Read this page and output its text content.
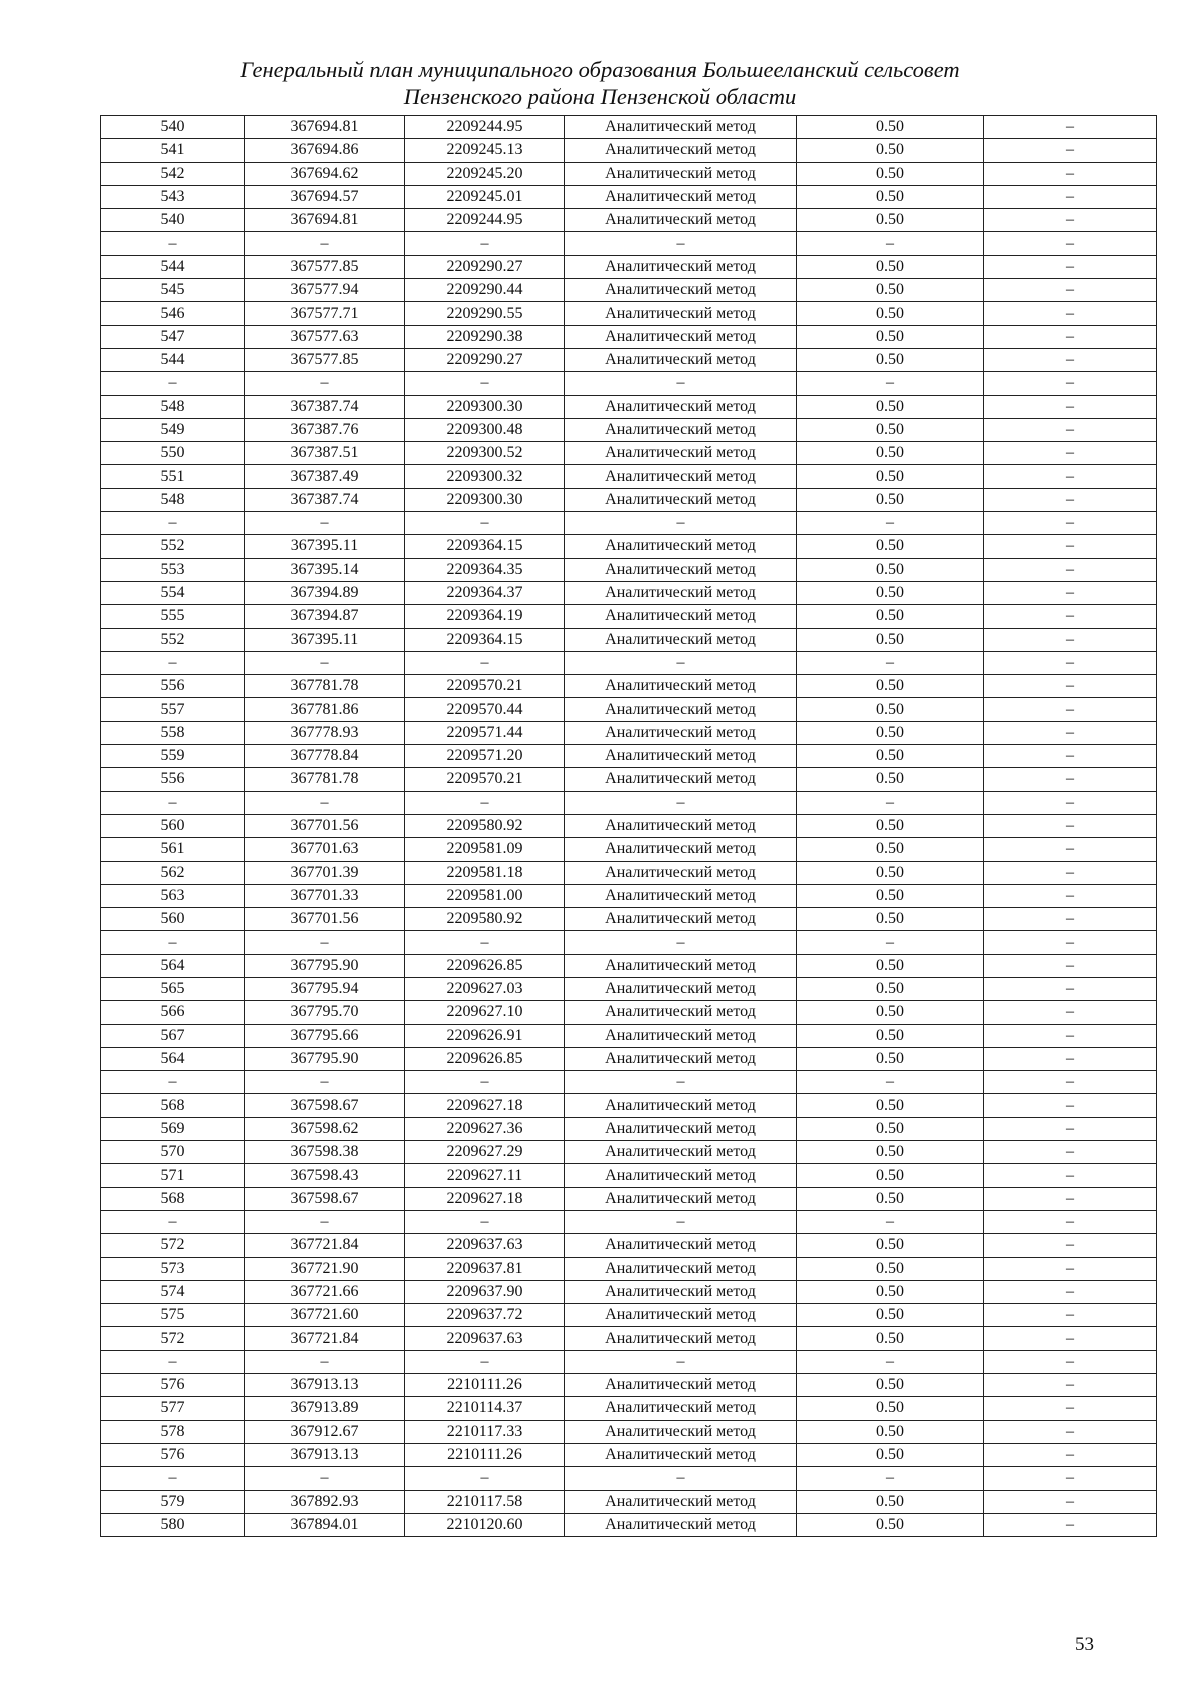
Генеральный план муниципального образования Большееланский сельсовет
Пензенского района Пензенской области
540	367694.81	2209244.95	Аналитический метод	0.50	–
541	367694.86	2209245.13	Аналитический метод	0.50	–
542	367694.62	2209245.20	Аналитический метод	0.50	–
543	367694.57	2209245.01	Аналитический метод	0.50	–
540	367694.81	2209244.95	Аналитический метод	0.50	–
–	–	–	–	–	–
544	367577.85	2209290.27	Аналитический метод	0.50	–
545	367577.94	2209290.44	Аналитический метод	0.50	–
546	367577.71	2209290.55	Аналитический метод	0.50	–
547	367577.63	2209290.38	Аналитический метод	0.50	–
544	367577.85	2209290.27	Аналитический метод	0.50	–
–	–	–	–	–	–
548	367387.74	2209300.30	Аналитический метод	0.50	–
549	367387.76	2209300.48	Аналитический метод	0.50	–
550	367387.51	2209300.52	Аналитический метод	0.50	–
551	367387.49	2209300.32	Аналитический метод	0.50	–
548	367387.74	2209300.30	Аналитический метод	0.50	–
–	–	–	–	–	–
552	367395.11	2209364.15	Аналитический метод	0.50	–
553	367395.14	2209364.35	Аналитический метод	0.50	–
554	367394.89	2209364.37	Аналитический метод	0.50	–
555	367394.87	2209364.19	Аналитический метод	0.50	–
552	367395.11	2209364.15	Аналитический метод	0.50	–
–	–	–	–	–	–
556	367781.78	2209570.21	Аналитический метод	0.50	–
557	367781.86	2209570.44	Аналитический метод	0.50	–
558	367778.93	2209571.44	Аналитический метод	0.50	–
559	367778.84	2209571.20	Аналитический метод	0.50	–
556	367781.78	2209570.21	Аналитический метод	0.50	–
–	–	–	–	–	–
560	367701.56	2209580.92	Аналитический метод	0.50	–
561	367701.63	2209581.09	Аналитический метод	0.50	–
562	367701.39	2209581.18	Аналитический метод	0.50	–
563	367701.33	2209581.00	Аналитический метод	0.50	–
560	367701.56	2209580.92	Аналитический метод	0.50	–
–	–	–	–	–	–
564	367795.90	2209626.85	Аналитический метод	0.50	–
565	367795.94	2209627.03	Аналитический метод	0.50	–
566	367795.70	2209627.10	Аналитический метод	0.50	–
567	367795.66	2209626.91	Аналитический метод	0.50	–
564	367795.90	2209626.85	Аналитический метод	0.50	–
–	–	–	–	–	–
568	367598.67	2209627.18	Аналитический метод	0.50	–
569	367598.62	2209627.36	Аналитический метод	0.50	–
570	367598.38	2209627.29	Аналитический метод	0.50	–
571	367598.43	2209627.11	Аналитический метод	0.50	–
568	367598.67	2209627.18	Аналитический метод	0.50	–
–	–	–	–	–	–
572	367721.84	2209637.63	Аналитический метод	0.50	–
573	367721.90	2209637.81	Аналитический метод	0.50	–
574	367721.66	2209637.90	Аналитический метод	0.50	–
575	367721.60	2209637.72	Аналитический метод	0.50	–
572	367721.84	2209637.63	Аналитический метод	0.50	–
–	–	–	–	–	–
576	367913.13	2210111.26	Аналитический метод	0.50	–
577	367913.89	2210114.37	Аналитический метод	0.50	–
578	367912.67	2210117.33	Аналитический метод	0.50	–
576	367913.13	2210111.26	Аналитический метод	0.50	–
–	–	–	–	–	–
579	367892.93	2210117.58	Аналитический метод	0.50	–
580	367894.01	2210120.60	Аналитический метод	0.50	–
53
